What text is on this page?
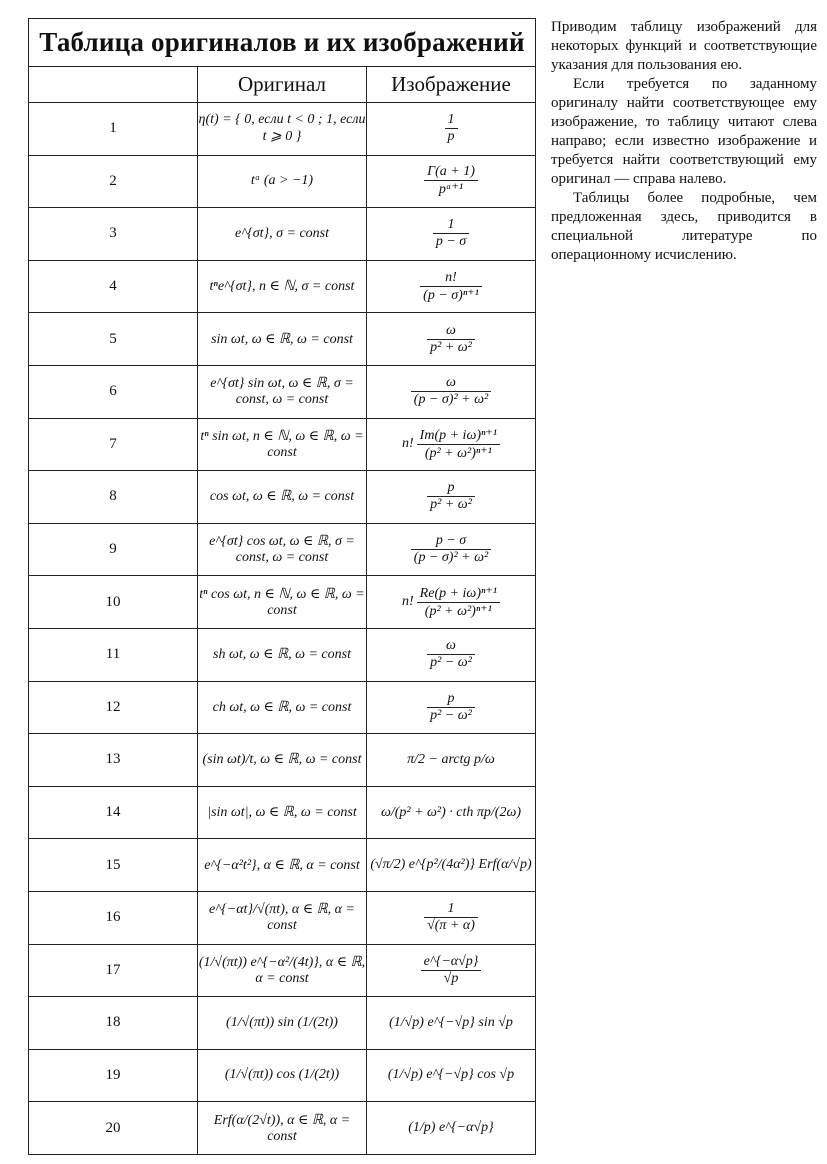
Таблица оригиналов и их изображений		
	Оригинал	Изображение
1	η(t) = { 0, если t < 0 ; 1, если t ⩾ 0 }	$\frac{1}{p}$

2	tᵃ (a > −1)	$\frac{\Gamma(a + 1)}{\text{pᵃ⁺¹}}$

3	e^{σt}, σ = const	$\frac{1}{p - \sigma}$

4	tⁿe^{σt}, n ∈ ℕ, σ = const	$\frac{n!}{\text{(p − σ)ⁿ⁺¹}}$

5	sin ωt, ω ∈ ℝ, ω = const	$\frac{\omega}{\text{p² + ω²}}$

6	e^{σt} sin ωt, ω ∈ ℝ, σ = const, ω = const	$\frac{\omega}{\text{(p − σ)² + ω²}}$

7	tⁿ sin ωt, n ∈ ℕ, ω ∈ ℝ, ω = const	n! $\frac{\text{Im(p + iω)ⁿ⁺¹}}{\text{(p² + ω²)ⁿ⁺¹}}$

8	cos ωt, ω ∈ ℝ, ω = const	$\frac{p}{\text{p² + ω²}}$

9	e^{σt} cos ωt, ω ∈ ℝ, σ = const, ω = const	$\frac{p - \sigma}{\text{(p − σ)² + ω²}}$

10	tⁿ cos ωt, n ∈ ℕ, ω ∈ ℝ, ω = const	n! $\frac{\text{Re(p + iω)ⁿ⁺¹}}{\text{(p² + ω²)ⁿ⁺¹}}$

11	sh ωt, ω ∈ ℝ, ω = const	$\frac{\omega}{\text{p² − ω²}}$

12	ch ωt, ω ∈ ℝ, ω = const	$\frac{p}{\text{p² − ω²}}$

13	(sin ωt)/t, ω ∈ ℝ, ω = const	π/2 − arctg p/ω
14	|sin ωt|, ω ∈ ℝ, ω = const	ω/(p² + ω²) · cth πp/(2ω)
15	e^{−α²t²}, α ∈ ℝ, α = const	(√π/2) e^{p²/(4α²)} Erf(α/√p)
16	e^{−αt}/√(πt), α ∈ ℝ, α = const	$\frac{1}{√(\pi + \alpha)}$

17	(1/√(πt)) e^{−α²/(4t)}, α ∈ ℝ, α = const	$\frac{e\^{}\{-\alpha√p\}}{√p}$

18	(1/√(πt)) sin (1/(2t))	(1/√p) e^{−√p} sin √p
19	(1/√(πt)) cos (1/(2t))	(1/√p) e^{−√p} cos √p
20	Erf(α/(2√t)), α ∈ ℝ, α = const	(1/p) e^{−α√p}

Приводим таблицу изображений для некоторых функций и соответствующие указания для пользования ею.

Если требуется по заданному оригиналу найти соответствующее ему изображение, то таблицу читают слева направо; если известно изображение и требуется найти соответствующий ему оригинал — справа налево.

Таблицы более подробные, чем предложенная здесь, приводится в специальной литературе по операционному исчислению.
